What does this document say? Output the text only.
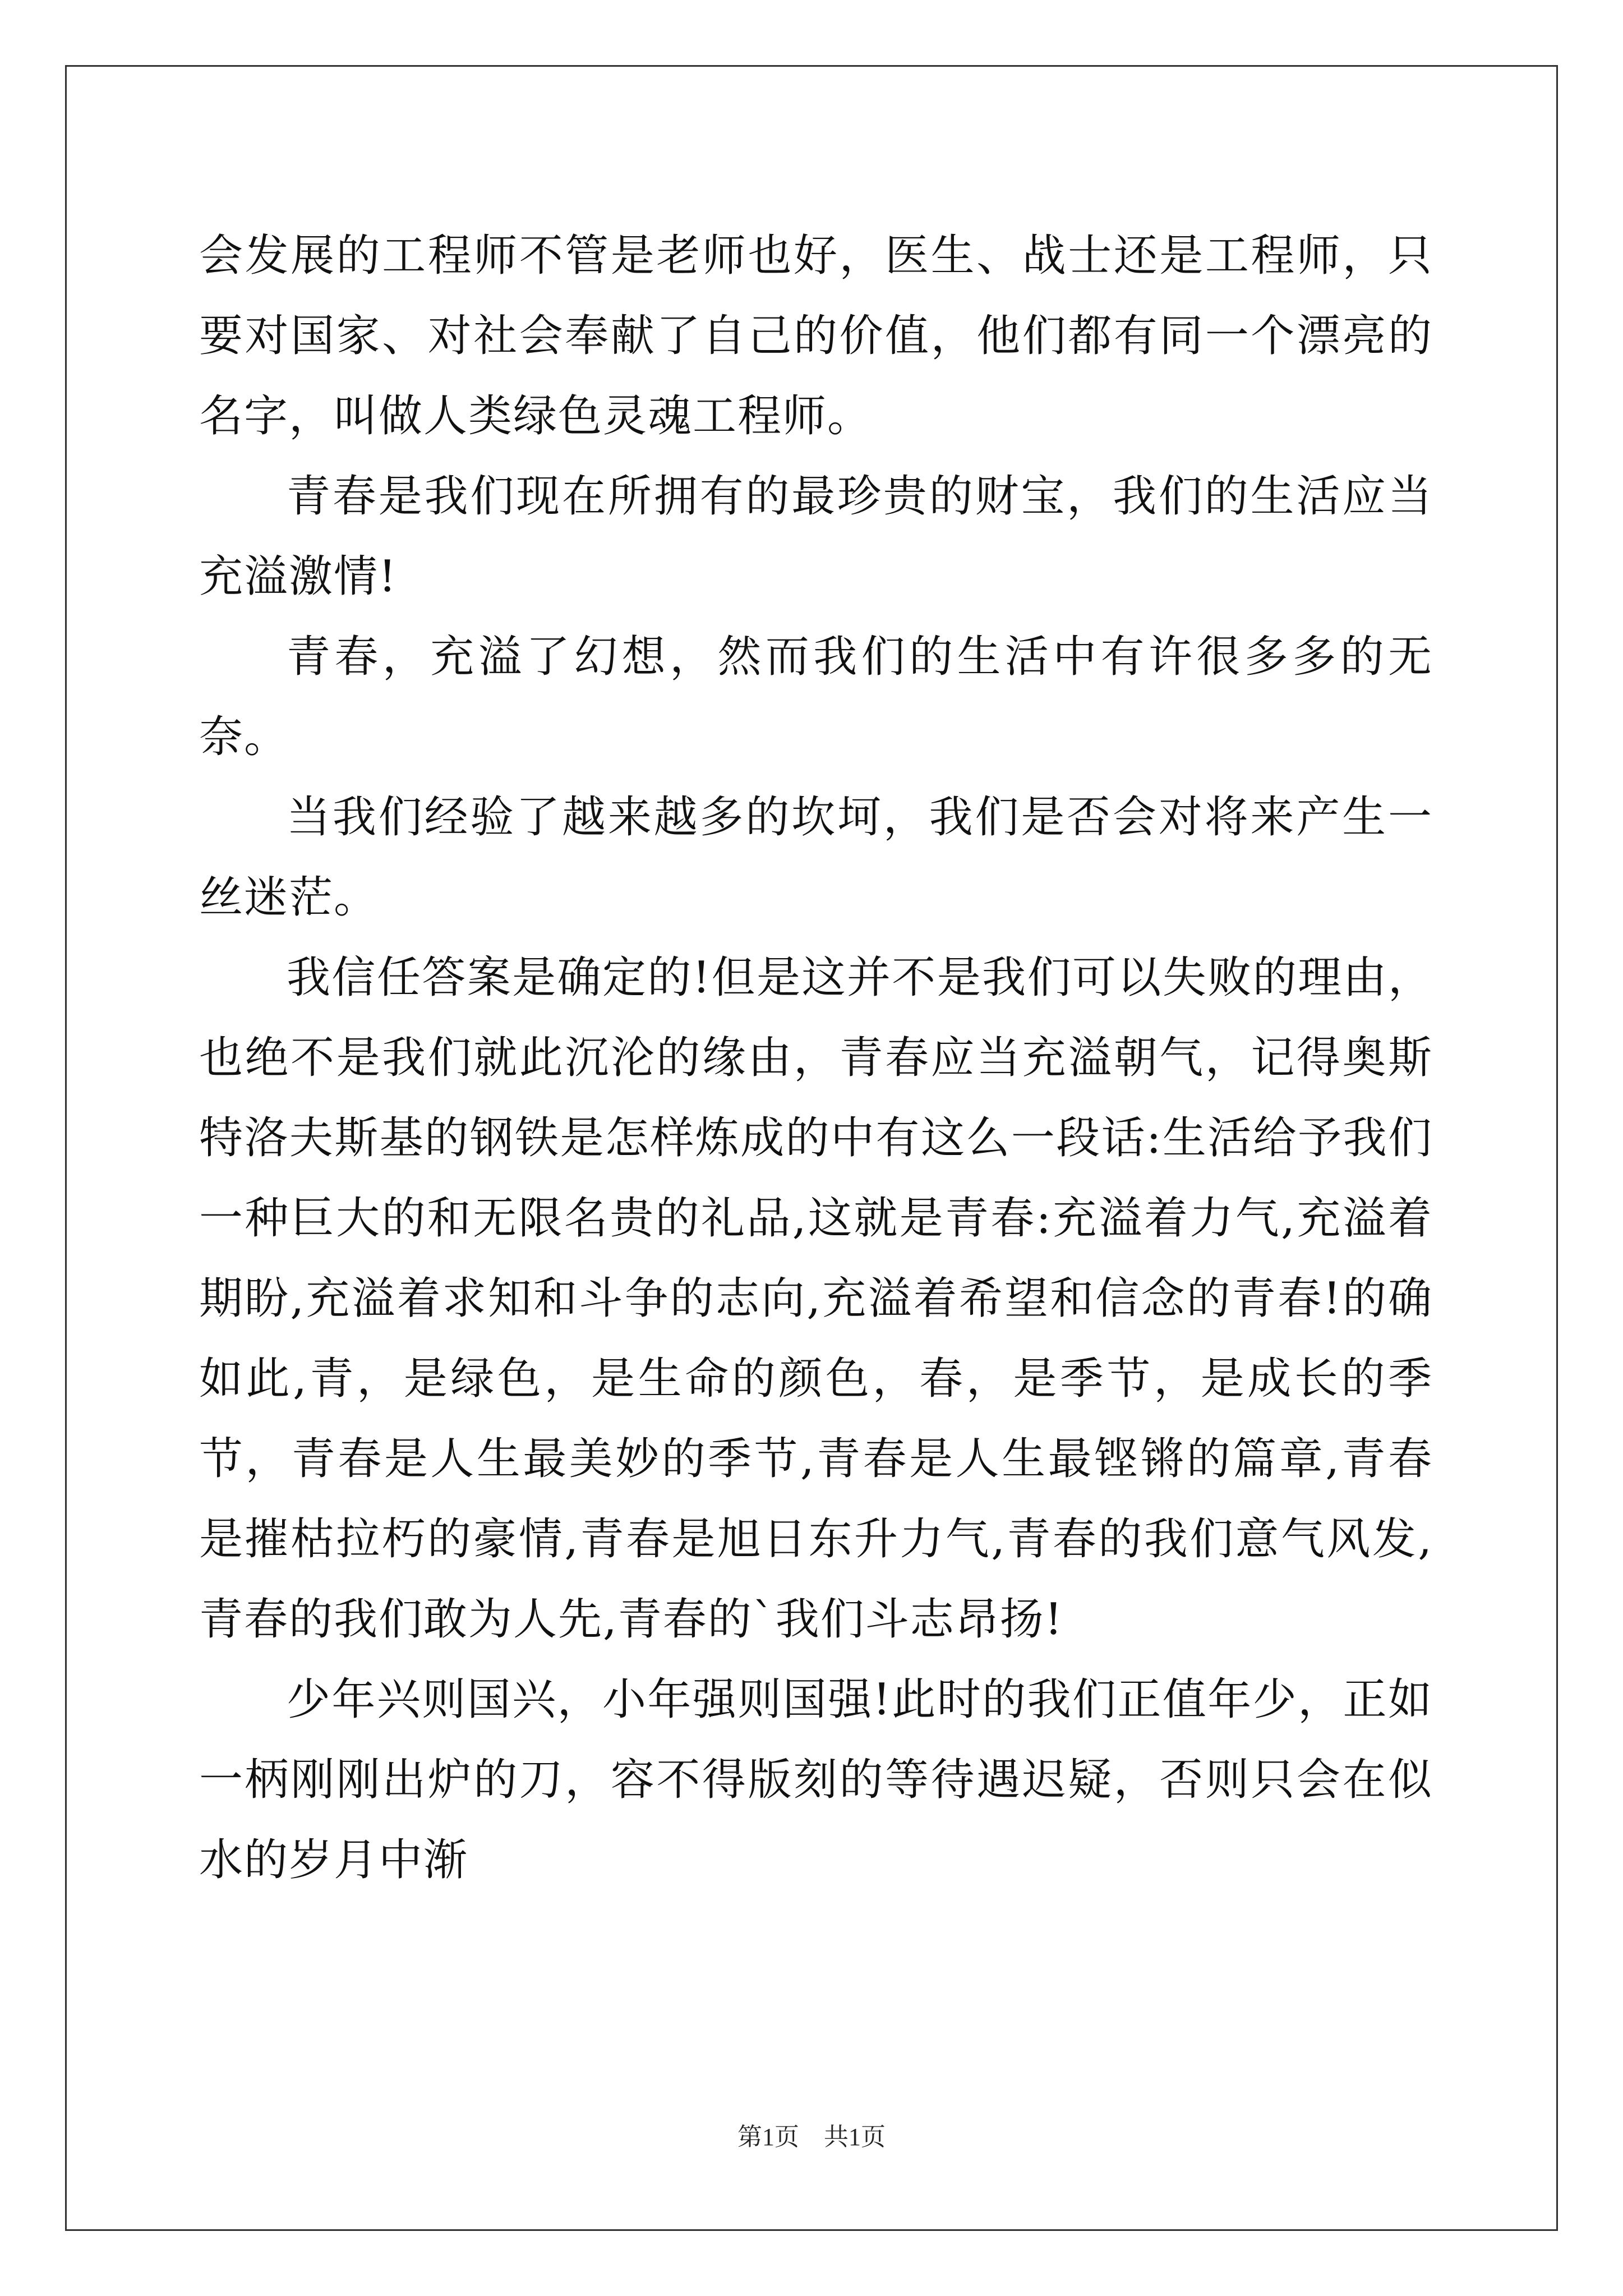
会发展的工程师不管是老师也好，医生、战士还是工程师，只要对国家、对社会奉献了自己的价值，他们都有同一个漂亮的名字，叫做人类绿色灵魂工程师。

青春是我们现在所拥有的最珍贵的财宝，我们的生活应当充溢激情!

青春，充溢了幻想，然而我们的生活中有许很多多的无奈。

当我们经验了越来越多的坎坷，我们是否会对将来产生一丝迷茫。

我信任答案是确定的!但是这并不是我们可以失败的理由，也绝不是我们就此沉沦的缘由，青春应当充溢朝气，记得奥斯特洛夫斯基的钢铁是怎样炼成的中有这么一段话:生活给予我们一种巨大的和无限名贵的礼品,这就是青春:充溢着力气,充溢着期盼,充溢着求知和斗争的志向,充溢着希望和信念的青春!的确如此,青，是绿色，是生命的颜色，春，是季节，是成长的季节，青春是人生最美妙的季节,青春是人生最铿锵的篇章,青春是摧枯拉朽的豪情,青春是旭日东升力气,青春的我们意气风发,青春的我们敢为人先,青春的`我们斗志昂扬!

少年兴则国兴，小年强则国强!此时的我们正值年少，正如一柄刚刚出炉的刀，容不得版刻的等待遇迟疑，否则只会在似水的岁月中渐

第1页　共1页
